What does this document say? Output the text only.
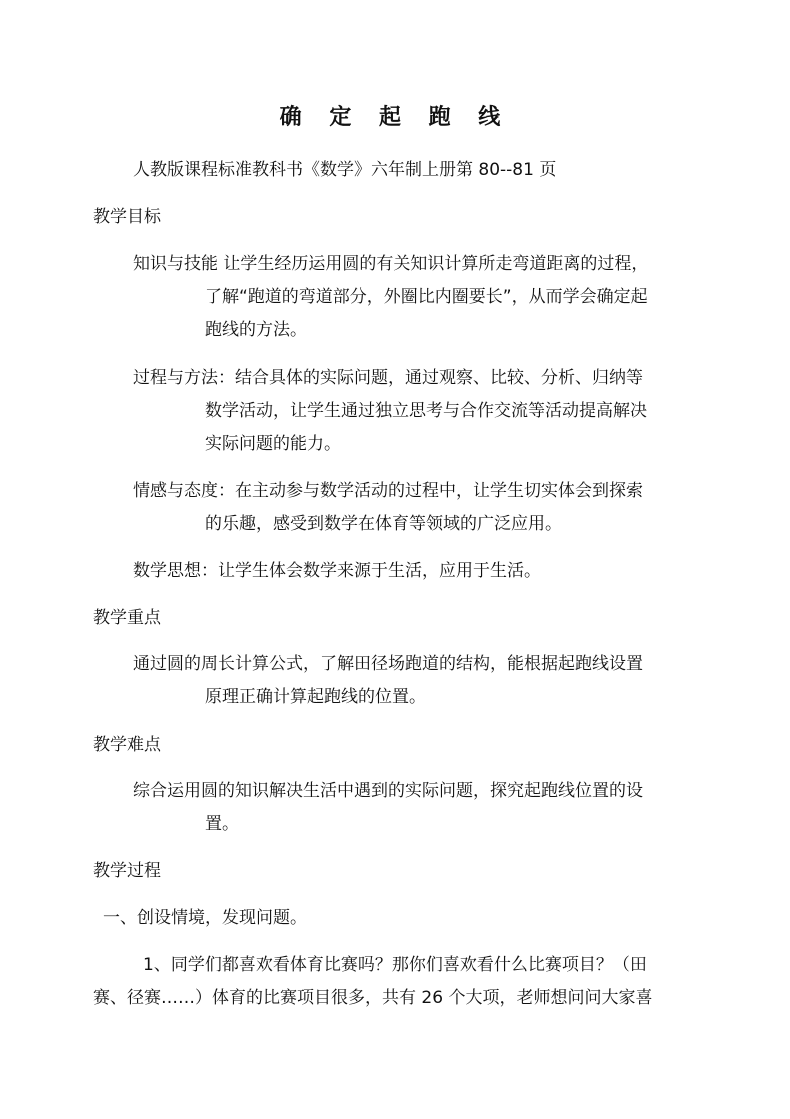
确 定 起 跑 线
人教版课程标准教科书《数学》六年制上册第 80--81 页
教学目标
知识与技能 让学生经历运用圆的有关知识计算所走弯道距离的过程，
了解“跑道的弯道部分，外圈比内圈要长”，从而学会确定起
跑线的方法。
过程与方法：结合具体的实际问题，通过观察、比较、分析、归纳等
数学活动，让学生通过独立思考与合作交流等活动提高解决
实际问题的能力。
情感与态度：在主动参与数学活动的过程中，让学生切实体会到探索
的乐趣，感受到数学在体育等领域的广泛应用。
数学思想：让学生体会数学来源于生活，应用于生活。
教学重点
通过圆的周长计算公式，了解田径场跑道的结构，能根据起跑线设置
原理正确计算起跑线的位置。
教学难点
综合运用圆的知识解决生活中遇到的实际问题，探究起跑线位置的设
置。
教学过程
一、创设情境，发现问题。
1、同学们都喜欢看体育比赛吗？那你们喜欢看什么比赛项目？（田
赛、径赛……）体育的比赛项目很多，共有 26 个大项，老师想问问大家喜
